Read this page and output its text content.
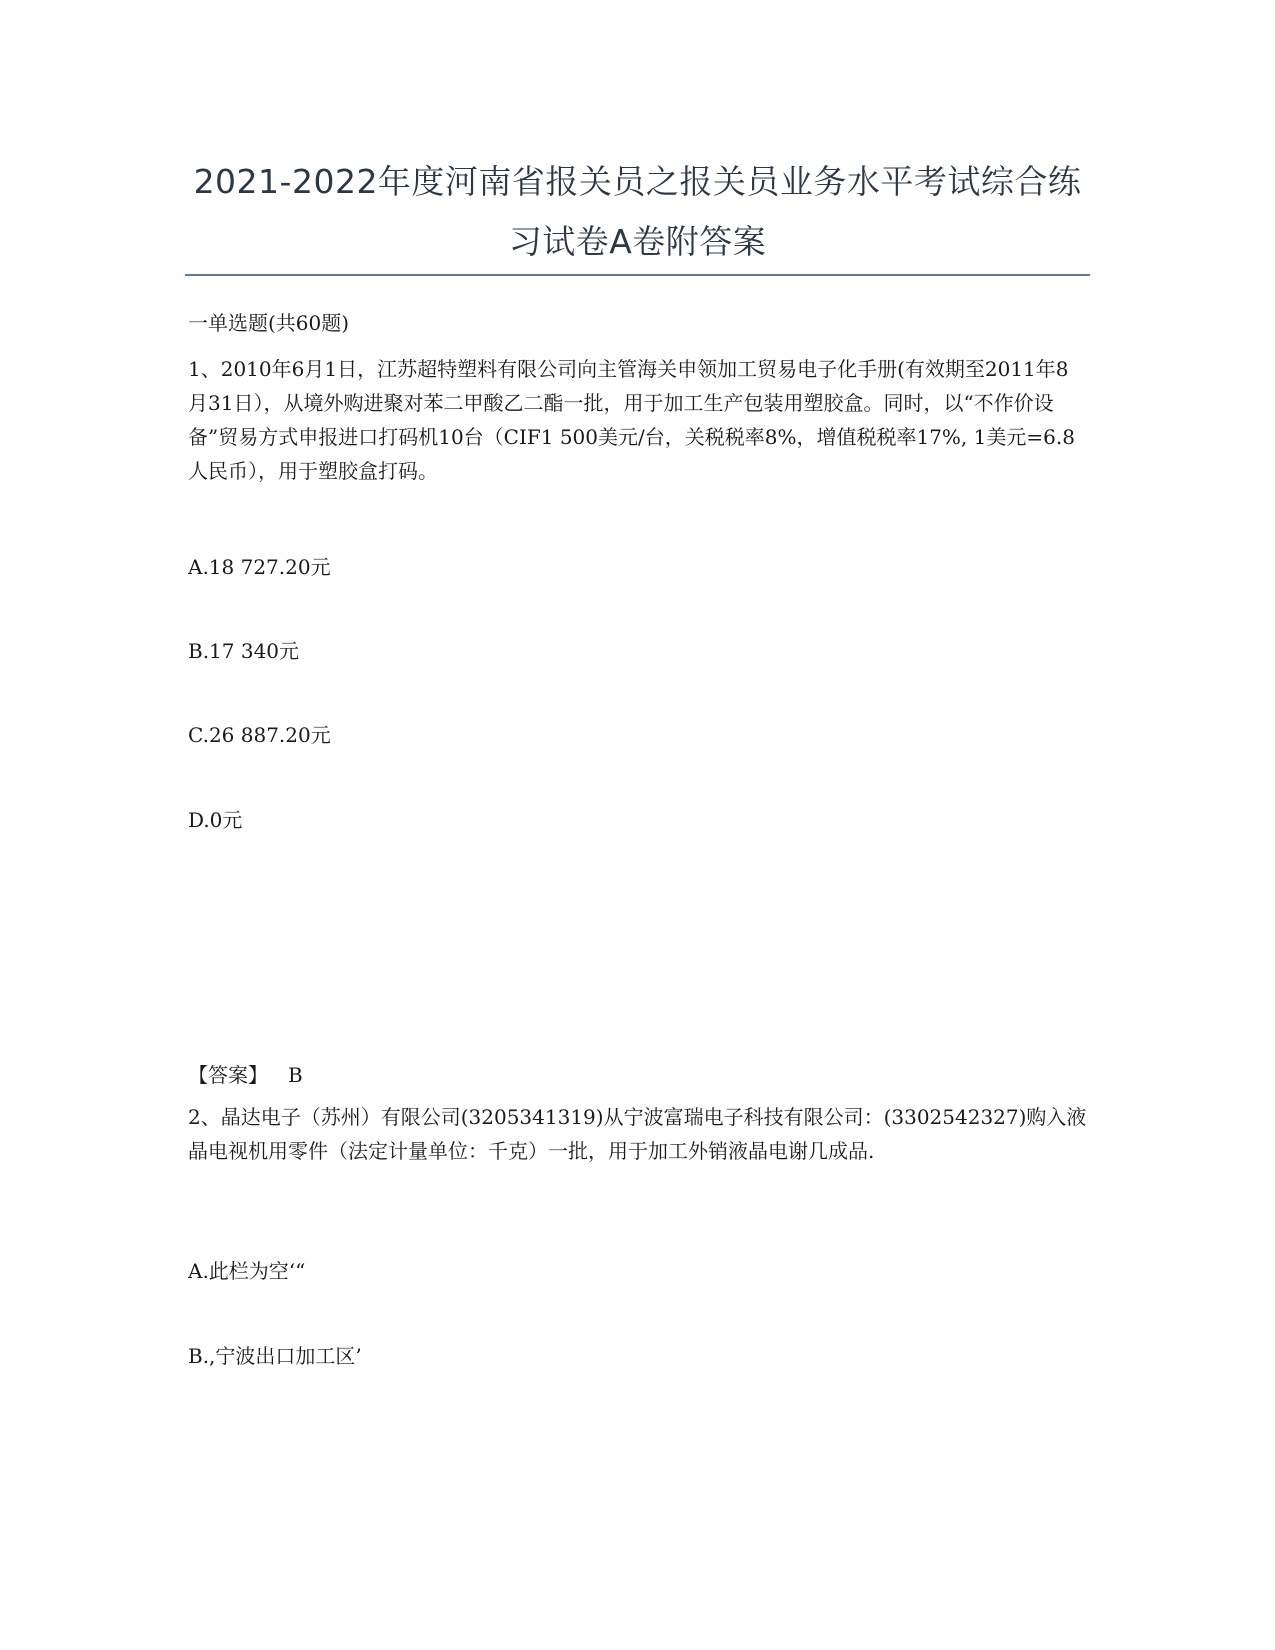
2021-2022年度河南省报关员之报关员业务水平考试综合练
习试卷A卷附答案
一单选题(共60题)
1、2010年6月1日，江苏超特塑料有限公司向主管海关申领加工贸易电子化手册(有效期至2011年8月31日），从境外购进聚对苯二甲酸乙二酯一批，用于加工生产包装用塑胶盒。同时，以“不作价设备”贸易方式申报进口打码机10台（CIF1 500美元/台，关税税率8%，增值税税率17%, 1美元=6.8人民币），用于塑胶盒打码。
A.18 727.20元
B.17 340元
C.26 887.20元
D.0元
【答案】 B
2、晶达电子（苏州）有限公司(3205341319)从宁波富瑞电子科技有限公司：(3302542327)购入液晶电视机用零件（法定计量单位：千克）一批，用于加工外销液晶电谢几成品.
A.此栏为空‘“
B.,宁波出口加工区’
